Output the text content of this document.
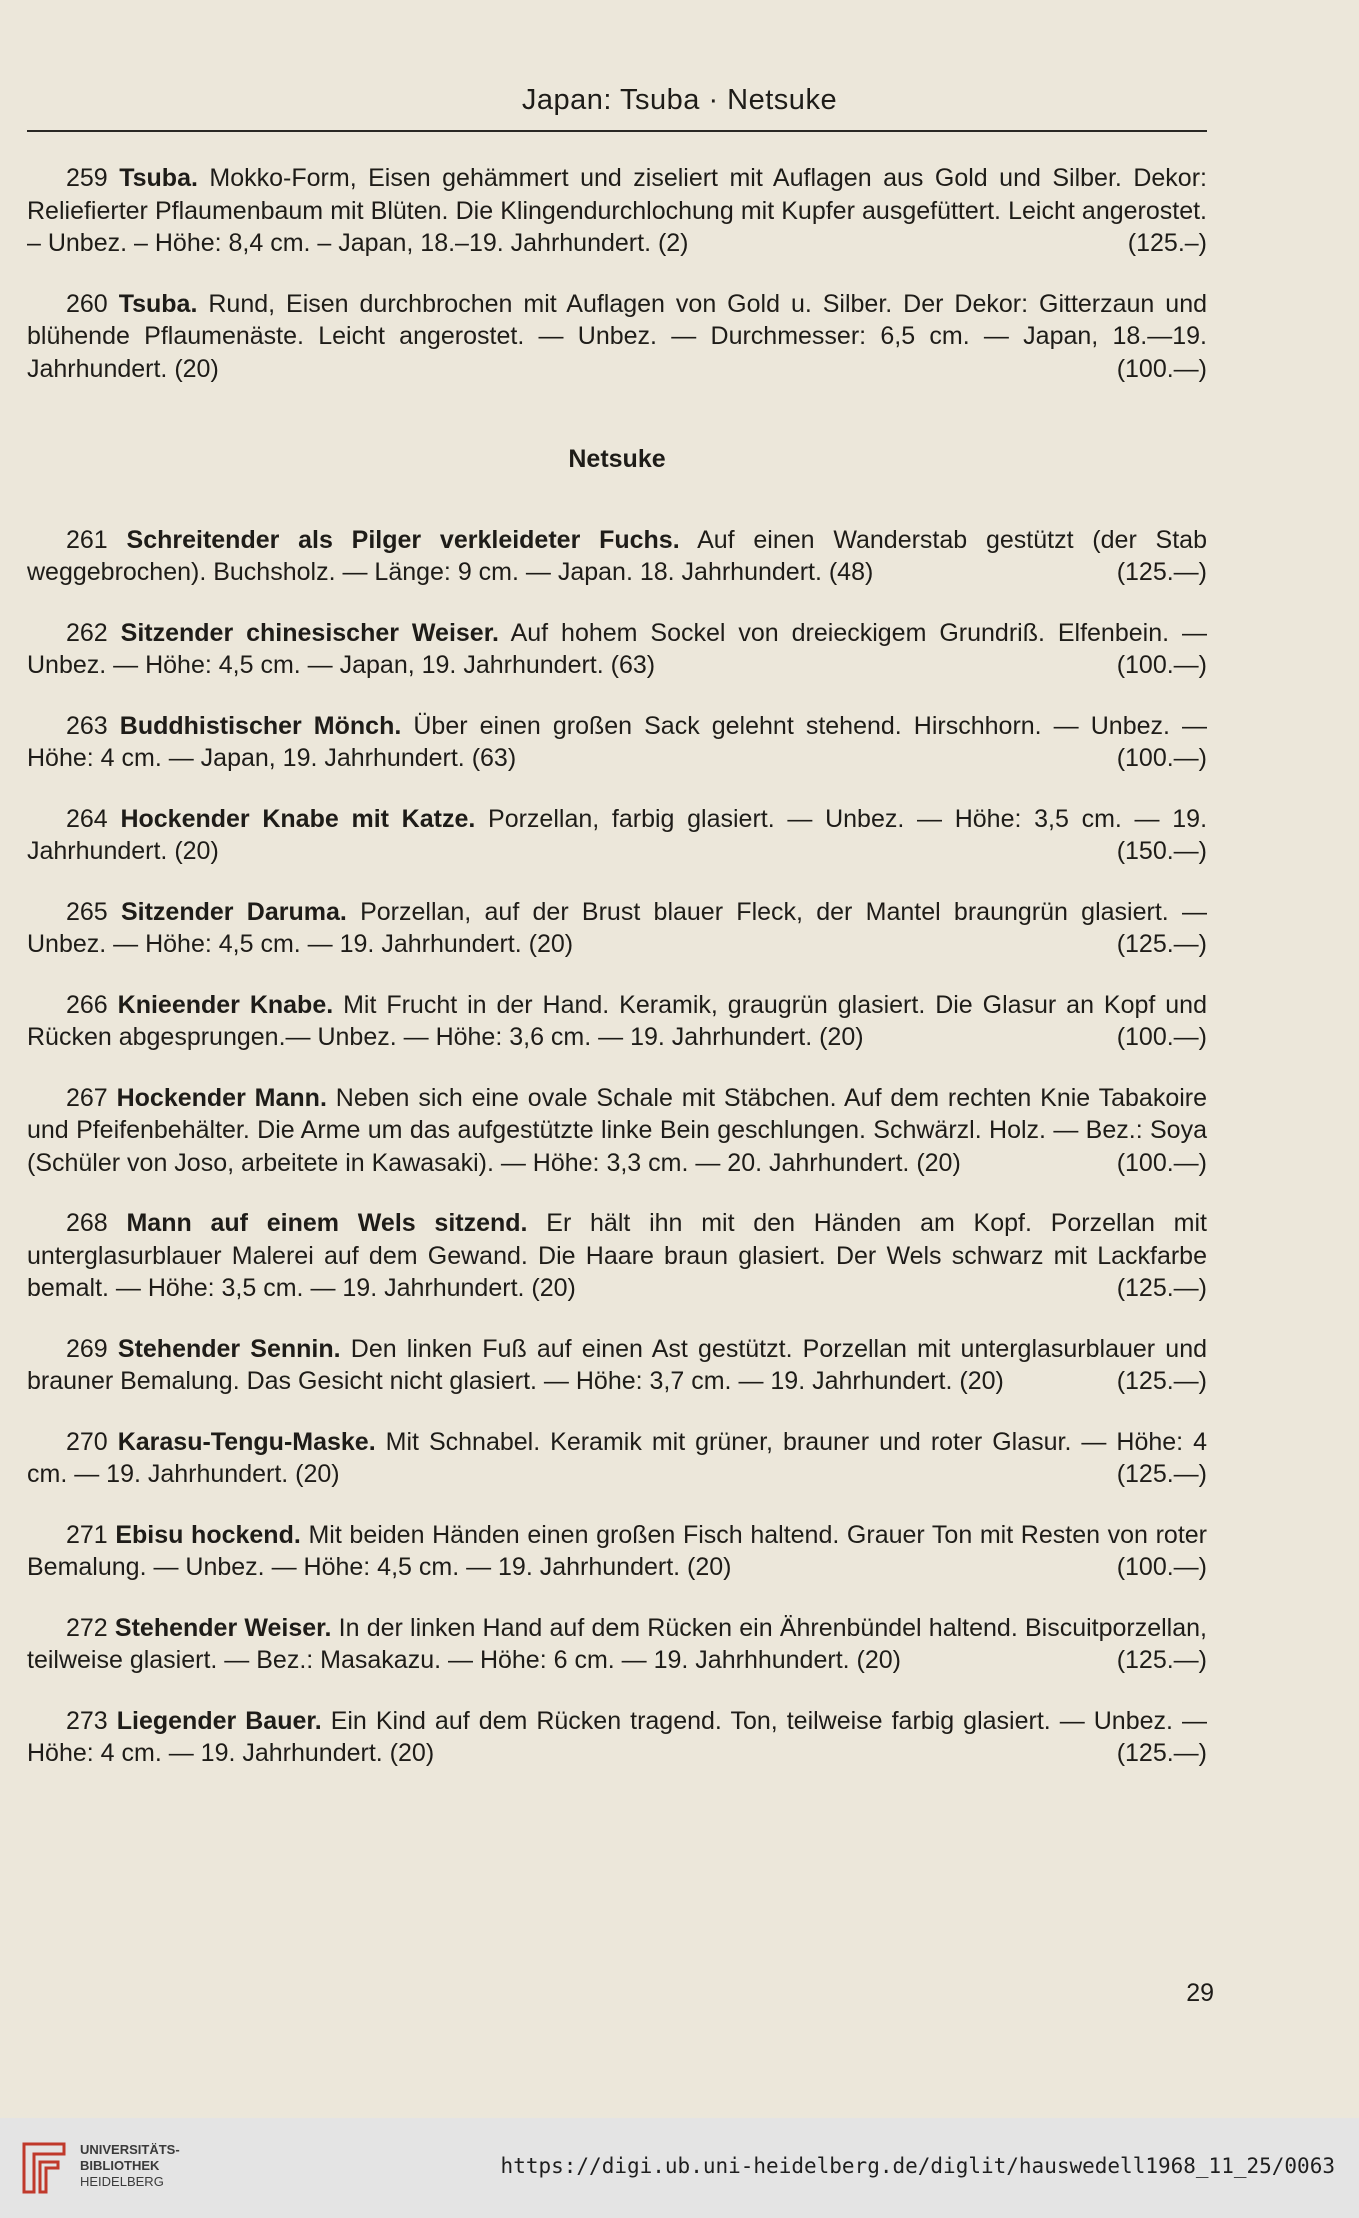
Japan: Tsuba · Netsuke
259 Tsuba. Mokko-Form, Eisen gehämmert und ziseliert mit Auflagen aus Gold und Silber. Dekor: Reliefierter Pflaumenbaum mit Blüten. Die Klingendurchlochung mit Kupfer ausgefüttert. Leicht angerostet. – Unbez. – Höhe: 8,4 cm. – Japan, 18.–19. Jahrhundert. (2)	(125.–)
260 Tsuba. Rund, Eisen durchbrochen mit Auflagen von Gold u. Silber. Der Dekor: Gitterzaun und blühende Pflaumenäste. Leicht angerostet. — Unbez. — Durchmesser: 6,5 cm. — Japan, 18.—19. Jahrhundert. (20)	(100.—)
Netsuke
261 Schreitender als Pilger verkleideter Fuchs. Auf einen Wanderstab gestützt (der Stab weggebrochen). Buchsholz. — Länge: 9 cm. — Japan. 18. Jahrhundert. (48)	(125.—)
262 Sitzender chinesischer Weiser. Auf hohem Sockel von dreieckigem Grundriß. Elfenbein. — Unbez. — Höhe: 4,5 cm. — Japan, 19. Jahrhundert. (63)	(100.—)
263 Buddhistischer Mönch. Über einen großen Sack gelehnt stehend. Hirschhorn. — Unbez. — Höhe: 4 cm. — Japan, 19. Jahrhundert. (63)	(100.—)
264 Hockender Knabe mit Katze. Porzellan, farbig glasiert. — Unbez. — Höhe: 3,5 cm. — 19. Jahrhundert. (20)	(150.—)
265 Sitzender Daruma. Porzellan, auf der Brust blauer Fleck, der Mantel braungrün glasiert. — Unbez. — Höhe: 4,5 cm. — 19. Jahrhundert. (20)	(125.—)
266 Knieender Knabe. Mit Frucht in der Hand. Keramik, graugrün glasiert. Die Glasur an Kopf und Rücken abgesprungen.— Unbez. — Höhe: 3,6 cm. — 19. Jahrhundert. (20)	(100.—)
267 Hockender Mann. Neben sich eine ovale Schale mit Stäbchen. Auf dem rechten Knie Tabakoire und Pfeifenbehälter. Die Arme um das aufgestützte linke Bein geschlungen. Schwärzl. Holz. — Bez.: Soya (Schüler von Joso, arbeitete in Kawasaki). — Höhe: 3,3 cm. — 20. Jahrhundert. (20)	(100.—)
268 Mann auf einem Wels sitzend. Er hält ihn mit den Händen am Kopf. Porzellan mit unterglasurblauer Malerei auf dem Gewand. Die Haare braun glasiert. Der Wels schwarz mit Lackfarbe bemalt. — Höhe: 3,5 cm. — 19. Jahrhundert. (20)	(125.—)
269 Stehender Sennin. Den linken Fuß auf einen Ast gestützt. Porzellan mit unterglasurblauer und brauner Bemalung. Das Gesicht nicht glasiert. — Höhe: 3,7 cm. — 19. Jahrhundert. (20)	(125.—)
270 Karasu-Tengu-Maske. Mit Schnabel. Keramik mit grüner, brauner und roter Glasur. — Höhe: 4 cm. — 19. Jahrhundert. (20)	(125.—)
271 Ebisu hockend. Mit beiden Händen einen großen Fisch haltend. Grauer Ton mit Resten von roter Bemalung. — Unbez. — Höhe: 4,5 cm. — 19. Jahrhundert. (20)	(100.—)
272 Stehender Weiser. In der linken Hand auf dem Rücken ein Ährenbündel haltend. Biscuitporzellan, teilweise glasiert. — Bez.: Masakazu. — Höhe: 6 cm. — 19. Jahrhhundert. (20)	(125.—)
273 Liegender Bauer. Ein Kind auf dem Rücken tragend. Ton, teilweise farbig glasiert. — Unbez. — Höhe: 4 cm. — 19. Jahrhundert. (20)	(125.—)
29
UNIVERSITÄTS-
BIBLIOTHEK
HEIDELBERG
https://digi.ub.uni-heidelberg.de/diglit/hauswedell1968_11_25/0063
